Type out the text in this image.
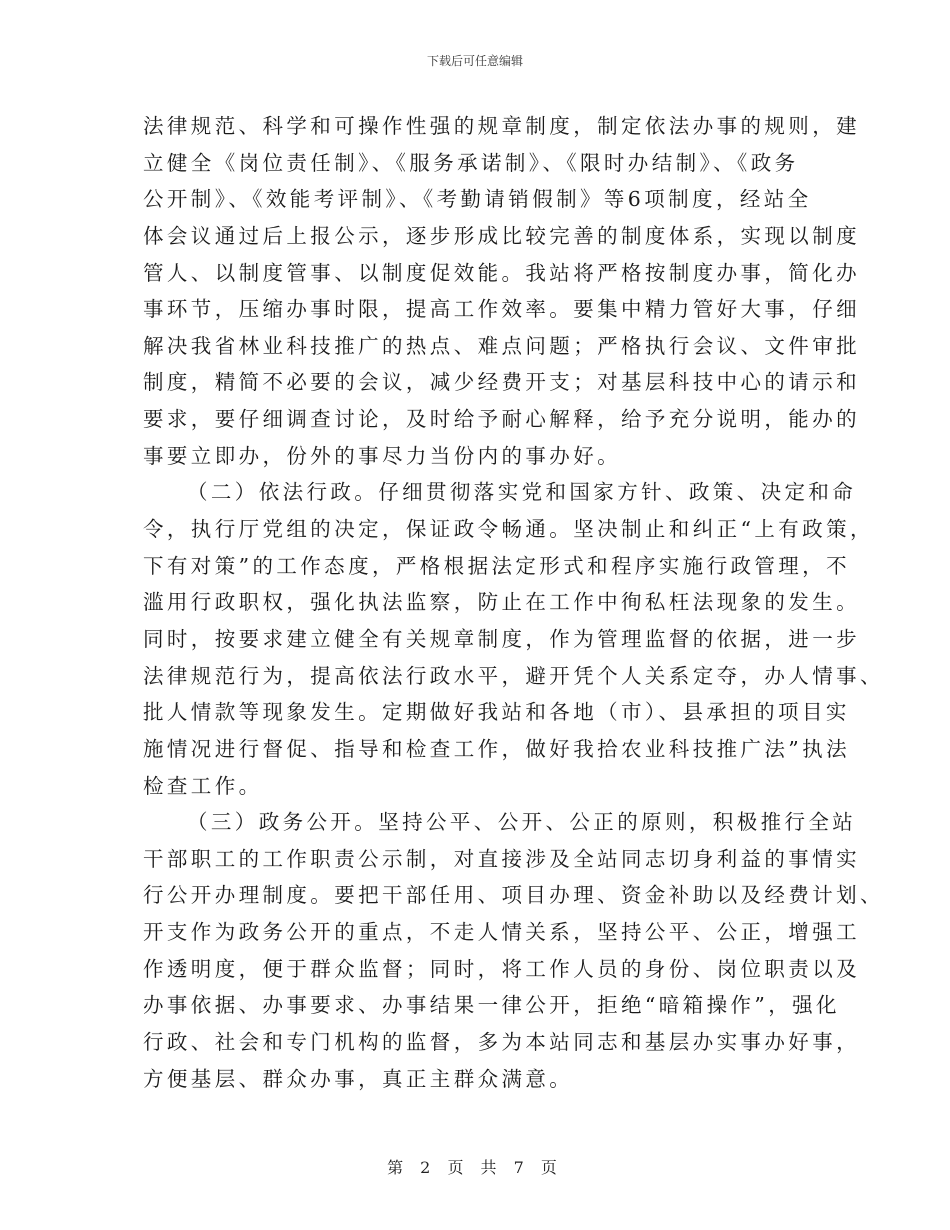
下载后可任意编辑
法律规范、科学和可操作性强的规章制度，制定依法办事的规则，建
立健全《岗位责任制》、《服务承诺制》、《限时办结制》、《政务
公开制》、《效能考评制》、《考勤请销假制》等6项制度，经站全
体会议通过后上报公示，逐步形成比较完善的制度体系，实现以制度
管人、以制度管事、以制度促效能。我站将严格按制度办事，简化办
事环节，压缩办事时限，提高工作效率。要集中精力管好大事，仔细
解决我省林业科技推广的热点、难点问题；严格执行会议、文件审批
制度，精简不必要的会议，减少经费开支；对基层科技中心的请示和
要求，要仔细调查讨论，及时给予耐心解释，给予充分说明，能办的
事要立即办，份外的事尽力当份内的事办好。
（二）依法行政。仔细贯彻落实党和国家方针、政策、决定和命
令，执行厅党组的决定，保证政令畅通。坚决制止和纠正“上有政策，
下有对策”的工作态度，严格根据法定形式和程序实施行政管理，不
滥用行政职权，强化执法监察，防止在工作中徇私枉法现象的发生。
同时，按要求建立健全有关规章制度，作为管理监督的依据，进一步
法律规范行为，提高依法行政水平，避开凭个人关系定夺，办人情事、
批人情款等现象发生。定期做好我站和各地（市）、县承担的项目实
施情况进行督促、指导和检查工作，做好我拾农业科技推广法”执法
检查工作。
（三）政务公开。坚持公平、公开、公正的原则，积极推行全站
干部职工的工作职责公示制，对直接涉及全站同志切身利益的事情实
行公开办理制度。要把干部任用、项目办理、资金补助以及经费计划、
开支作为政务公开的重点，不走人情关系，坚持公平、公正，增强工
作透明度，便于群众监督；同时，将工作人员的身份、岗位职责以及
办事依据、办事要求、办事结果一律公开，拒绝“暗箱操作”，强化
行政、社会和专门机构的监督，多为本站同志和基层办实事办好事，
方便基层、群众办事，真正主群众满意。
第 2 页 共 7 页
